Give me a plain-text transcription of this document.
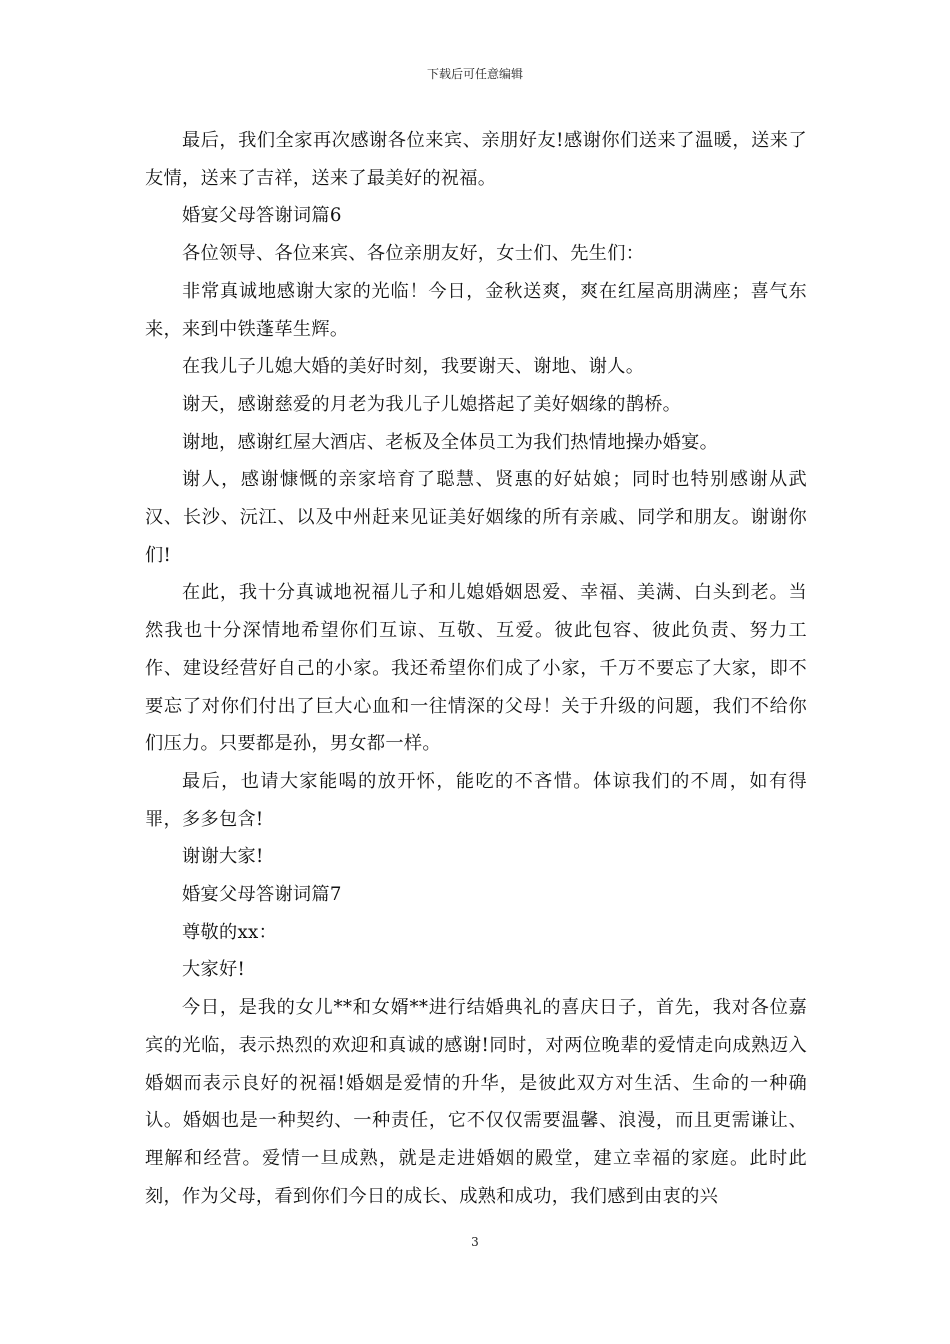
下载后可任意编辑

最后，我们全家再次感谢各位来宾、亲朋好友!感谢你们送来了温暖，送来了友情，送来了吉祥，送来了最美好的祝福。

婚宴父母答谢词篇6

各位领导、各位来宾、各位亲朋友好，女士们、先生们：

非常真诚地感谢大家的光临！今日，金秋送爽，爽在红屋高朋满座；喜气东来，来到中铁蓬荜生辉。

在我儿子儿媳大婚的美好时刻，我要谢天、谢地、谢人。

谢天，感谢慈爱的月老为我儿子儿媳搭起了美好姻缘的鹊桥。

谢地，感谢红屋大酒店、老板及全体员工为我们热情地操办婚宴。

谢人，感谢慷慨的亲家培育了聪慧、贤惠的好姑娘；同时也特别感谢从武汉、长沙、沅江、以及中州赶来见证美好姻缘的所有亲戚、同学和朋友。谢谢你们!

在此，我十分真诚地祝福儿子和儿媳婚姻恩爱、幸福、美满、白头到老。当然我也十分深情地希望你们互谅、互敬、互爱。彼此包容、彼此负责、努力工作、建设经营好自己的小家。我还希望你们成了小家，千万不要忘了大家，即不要忘了对你们付出了巨大心血和一往情深的父母！关于升级的问题，我们不给你们压力。只要都是孙，男女都一样。

最后，也请大家能喝的放开怀，能吃的不吝惜。体谅我们的不周，如有得罪，多多包含!

谢谢大家!

婚宴父母答谢词篇7

尊敬的xx：

大家好!

今日，是我的女儿**和女婿**进行结婚典礼的喜庆日子，首先，我对各位嘉宾的光临，表示热烈的欢迎和真诚的感谢!同时，对两位晚辈的爱情走向成熟迈入婚姻而表示良好的祝福!婚姻是爱情的升华，是彼此双方对生活、生命的一种确认。婚姻也是一种契约、一种责任，它不仅仅需要温馨、浪漫，而且更需谦让、理解和经营。爱情一旦成熟，就是走进婚姻的殿堂，建立幸福的家庭。此时此刻，作为父母，看到你们今日的成长、成熟和成功，我们感到由衷的兴

3
